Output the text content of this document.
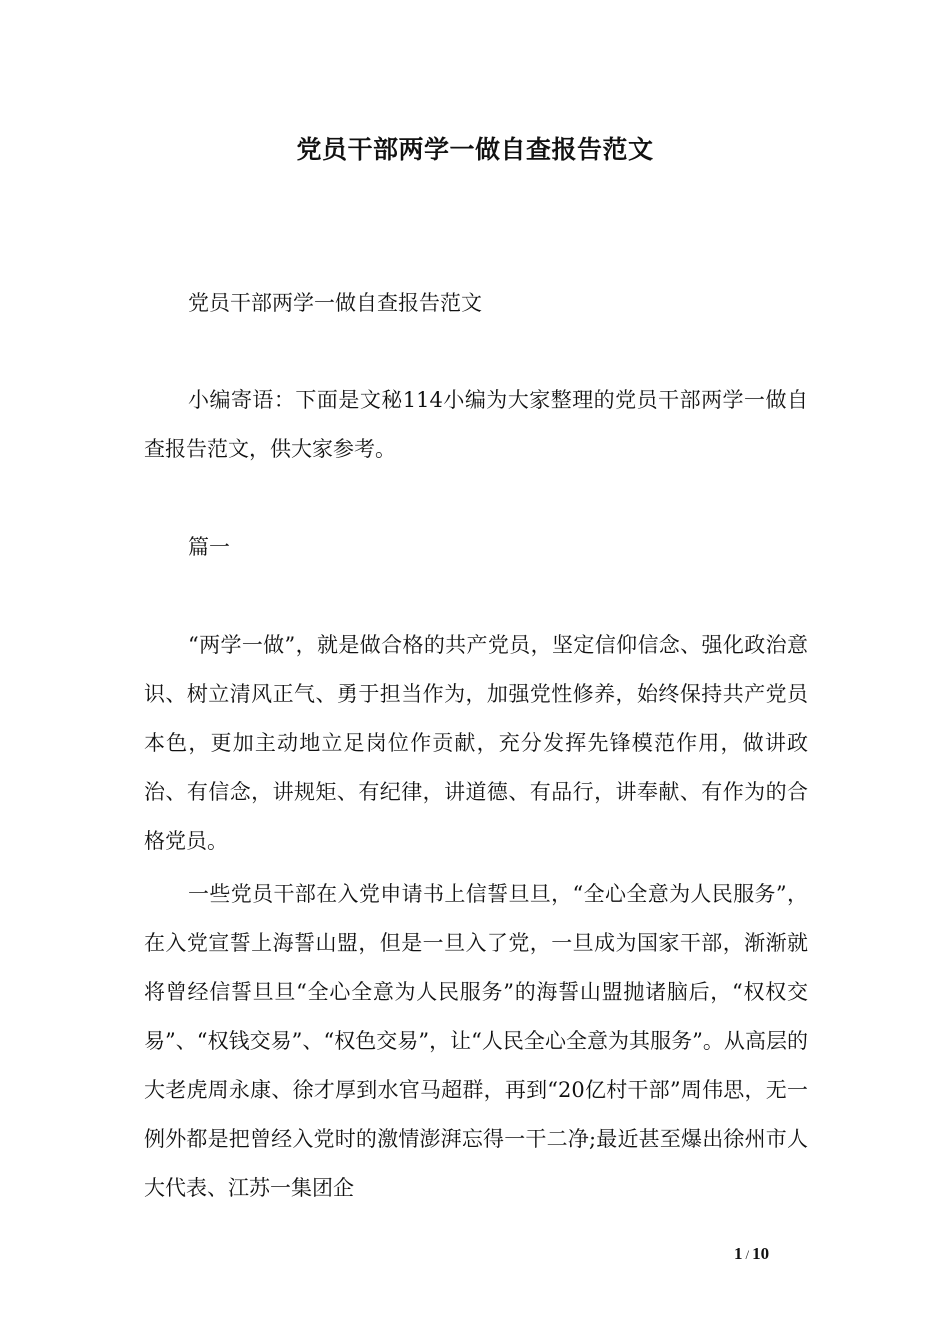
党员干部两学一做自查报告范文
党员干部两学一做自查报告范文
小编寄语：下面是文秘114小编为大家整理的党员干部两学一做自查报告范文，供大家参考。
篇一
“两学一做”，就是做合格的共产党员，坚定信仰信念、强化政治意识、树立清风正气、勇于担当作为，加强党性修养，始终保持共产党员本色，更加主动地立足岗位作贡献，充分发挥先锋模范作用，做讲政治、有信念，讲规矩、有纪律，讲道德、有品行，讲奉献、有作为的合格党员。
一些党员干部在入党申请书上信誓旦旦，“全心全意为人民服务”，在入党宣誓上海誓山盟，但是一旦入了党，一旦成为国家干部，渐渐就将曾经信誓旦旦“全心全意为人民服务”的海誓山盟抛诸脑后，“权权交易”、“权钱交易”、“权色交易”，让“人民全心全意为其服务”。从高层的大老虎周永康、徐才厚到水官马超群，再到“20亿村干部”周伟思，无一例外都是把曾经入党时的激情澎湃忘得一干二净;最近甚至爆出徐州市人大代表、江苏一集团企
1 / 10
